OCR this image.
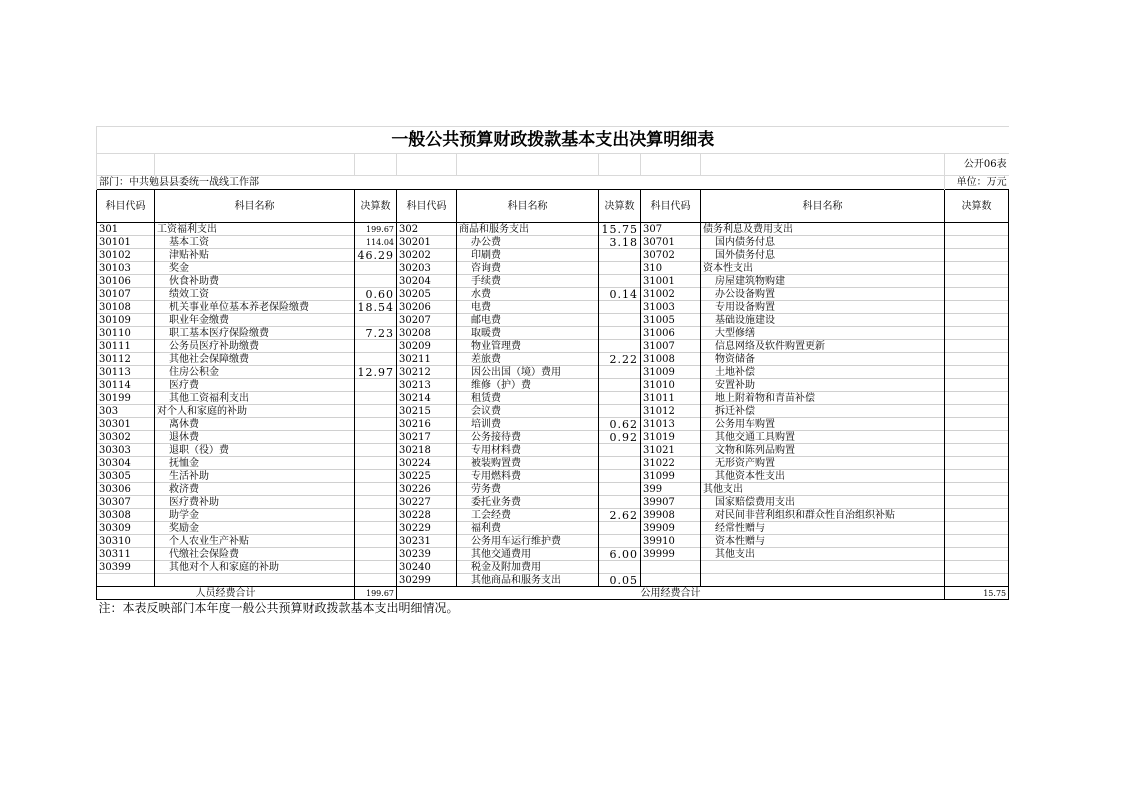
一般公共预算财政拨款基本支出决算明细表								
								公开06表
部门：中共勉县县委统一战线工作部								单位：万元
科目代码	科目名称	决算数	科目代码	科目名称	决算数	科目代码	科目名称	决算数
301	工资福利支出	199.67	302	商品和服务支出	15.75	307	债务利息及费用支出	
30101	基本工资	114.04	30201	办公费	3.18	30701	国内债务付息	
30102	津贴补贴	46.29	30202	印刷费		30702	国外债务付息	
30103	奖金		30203	咨询费		310	资本性支出	
30106	伙食补助费		30204	手续费		31001	房屋建筑物购建	
30107	绩效工资	0.60	30205	水费	0.14	31002	办公设备购置	
30108	机关事业单位基本养老保险缴费	18.54	30206	电费		31003	专用设备购置	
30109	职业年金缴费		30207	邮电费		31005	基础设施建设	
30110	职工基本医疗保险缴费	7.23	30208	取暖费		31006	大型修缮	
30111	公务员医疗补助缴费		30209	物业管理费		31007	信息网络及软件购置更新	
30112	其他社会保障缴费		30211	差旅费	2.22	31008	物资储备	
30113	住房公积金	12.97	30212	因公出国（境）费用		31009	土地补偿	
30114	医疗费		30213	维修（护）费		31010	安置补助	
30199	其他工资福利支出		30214	租赁费		31011	地上附着物和青苗补偿	
303	对个人和家庭的补助		30215	会议费		31012	拆迁补偿	
30301	离休费		30216	培训费	0.62	31013	公务用车购置	
30302	退休费		30217	公务接待费	0.92	31019	其他交通工具购置	
30303	退职（役）费		30218	专用材料费		31021	文物和陈列品购置	
30304	抚恤金		30224	被装购置费		31022	无形资产购置	
30305	生活补助		30225	专用燃料费		31099	其他资本性支出	
30306	救济费		30226	劳务费		399	其他支出	
30307	医疗费补助		30227	委托业务费		39907	国家赔偿费用支出	
30308	助学金		30228	工会经费	2.62	39908	对民间非营利组织和群众性自治组织补贴	
30309	奖励金		30229	福利费		39909	经常性赠与	
30310	个人农业生产补贴		30231	公务用车运行维护费		39910	资本性赠与	
30311	代缴社会保险费		30239	其他交通费用	6.00	39999	其他支出	
30399	其他对个人和家庭的补助		30240	税金及附加费用				
			30299	其他商品和服务支出	0.05			
人员经费合计		199.67	公用经费合计					15.75
注：本表反映部门本年度一般公共预算财政拨款基本支出明细情况。								
